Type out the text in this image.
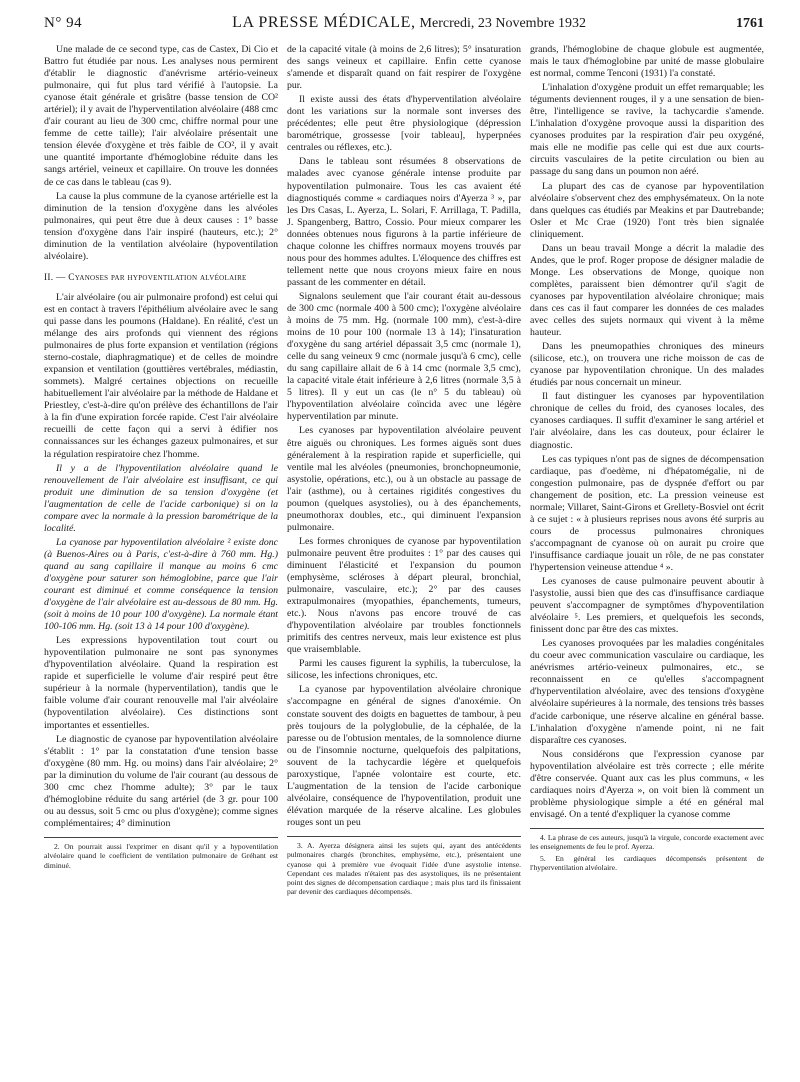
N° 94	LA PRESSE MÉDICALE, Mercredi, 23 Novembre 1932	1761

Une malade de ce second type, cas de Castex, Di Cio et Battro fut étudiée par nous. Les analyses nous permirent d'établir le diagnostic d'anévrisme artério-veineux pulmonaire, qui fut plus tard vérifié à l'autopsie. La cyanose était générale et grisâtre (basse tension de CO² artériel); il y avait de l'hyperventilation alvéolaire (488 cmc d'air courant au lieu de 300 cmc, chiffre normal pour une femme de cette taille); l'air alvéolaire présentait une tension élevée d'oxygène et très faible de CO², il y avait une quantité importante d'hémoglobine réduite dans les sangs artériel, veineux et capillaire. On trouve les données de ce cas dans le tableau (cas 9).

La cause la plus commune de la cyanose artérielle est la diminution de la tension d'oxygène dans les alvéoles pulmonaires, qui peut être due à deux causes : 1° basse tension d'oxygène dans l'air inspiré (hauteurs, etc.); 2° diminution de la ventilation alvéolaire (hypoventilation alvéolaire).

II. — Cyanoses par hypoventilation alvéolaire

L'air alvéolaire (ou air pulmonaire profond) est celui qui est en contact à travers l'épithélium alvéolaire avec le sang qui passe dans les poumons (Haldane). En réalité, c'est un mélange des airs profonds qui viennent des régions pulmonaires de plus forte expansion et ventilation (régions sterno-costale, diaphragmatique) et de celles de moindre expansion et ventilation (gouttières vertébrales, médiastin, sommets). Malgré certaines objections on recueille habituellement l'air alvéolaire par la méthode de Haldane et Priestley, c'est-à-dire qu'on prélève des échantillons de l'air à la fin d'une expiration forcée rapide. C'est l'air alvéolaire recueilli de cette façon qui a servi à édifier nos connaissances sur les échanges gazeux pulmonaires, et sur la régulation respiratoire chez l'homme.

Il y a de l'hypoventilation alvéolaire quand le renouvellement de l'air alvéolaire est insuffisant, ce qui produit une diminution de sa tension d'oxygène (et l'augmentation de celle de l'acide carbonique) si on la compare avec la normale à la pression barométrique de la localité.

La cyanose par hypoventilation alvéolaire ² existe donc (à Buenos-Aires ou à Paris, c'est-à-dire à 760 mm. Hg.) quand au sang capillaire il manque au moins 6 cmc d'oxygène pour saturer son hémoglobine, parce que l'air courant est diminué et comme conséquence la tension d'oxygène de l'air alvéolaire est au-dessous de 80 mm. Hg. (soit à moins de 10 pour 100 d'oxygène). La normale étant 100-106 mm. Hg. (soit 13 à 14 pour 100 d'oxygène).

Les expressions hypoventilation tout court ou hypoventilation pulmonaire ne sont pas synonymes d'hypoventilation alvéolaire. Quand la respiration est rapide et superficielle le volume d'air respiré peut être supérieur à la normale (hyperventilation), tandis que le faible volume d'air courant renouvelle mal l'air alvéolaire (hypoventilation alvéolaire). Ces distinctions sont importantes et essentielles.

Le diagnostic de cyanose par hypoventilation alvéolaire s'établit : 1° par la constatation d'une tension basse d'oxygène (80 mm. Hg. ou moins) dans l'air alvéolaire; 2° par la diminution du volume de l'air courant (au dessous de 300 cmc chez l'homme adulte); 3° par le taux d'hémoglobine réduite du sang artériel (de 3 gr. pour 100 ou au dessus, soit 5 cmc ou plus d'oxygène); comme signes complémentaires; 4° diminution

2. On pourrait aussi l'exprimer en disant qu'il y a hypoventilation alvéolaire quand le coefficient de ventilation pulmonaire de Gréhant est diminué.

de la capacité vitale (à moins de 2,6 litres); 5° insaturation des sangs veineux et capillaire. Enfin cette cyanose s'amende et disparaît quand on fait respirer de l'oxygène pur.

Il existe aussi des états d'hyperventilation alvéolaire dont les variations sur la normale sont inverses des précédentes; elle peut être physiologique (dépression barométrique, grossesse [voir tableau], hyperpnées centrales ou réflexes, etc.).

Dans le tableau sont résumées 8 observations de malades avec cyanose générale intense produite par hypoventilation pulmonaire. Tous les cas avaient été diagnostiqués comme « cardiaques noirs d'Ayerza ³ », par les Drs Casas, L. Ayerza, L. Solari, F. Arrillaga, T. Padilla, J. Spangenberg, Battro, Cossio. Pour mieux comparer les données obtenues nous figurons à la partie inférieure de chaque colonne les chiffres normaux moyens trouvés par nous pour des hommes adultes. L'éloquence des chiffres est tellement nette que nous croyons mieux faire en nous passant de les commenter en détail.

Signalons seulement que l'air courant était au-dessous de 300 cmc (normale 400 à 500 cmc); l'oxygène alvéolaire à moins de 75 mm. Hg. (normale 100 mm), c'est-à-dire moins de 10 pour 100 (normale 13 à 14); l'insaturation d'oxygène du sang artériel dépassait 3,5 cmc (normale 1), celle du sang veineux 9 cmc (normale jusqu'à 6 cmc), celle du sang capillaire allait de 6 à 14 cmc (normale 3,5 cmc), la capacité vitale était inférieure à 2,6 litres (normale 3,5 à 5 litres). Il y eut un cas (le n° 5 du tableau) où l'hypoventilation alvéolaire coïncida avec une légère hyperventilation par minute.

Les cyanoses par hypoventilation alvéolaire peuvent être aiguës ou chroniques. Les formes aiguës sont dues généralement à la respiration rapide et superficielle, qui ventile mal les alvéoles (pneumonies, bronchopneumonie, asystolie, opérations, etc.), ou à un obstacle au passage de l'air (asthme), ou à certaines rigidités congestives du poumon (quelques asystolies), ou à des épanchements, pneumothorax doubles, etc., qui diminuent l'expansion pulmonaire.

Les formes chroniques de cyanose par hypoventilation pulmonaire peuvent être produites : 1° par des causes qui diminuent l'élasticité et l'expansion du poumon (emphysème, scléroses à départ pleural, bronchial, pulmonaire, vasculaire, etc.); 2° par des causes extrapulmonaires (myopathies, épanchements, tumeurs, etc.). Nous n'avons pas encore trouvé de cas d'hypoventilation alvéolaire par troubles fonctionnels primitifs des centres nerveux, mais leur existence est plus que vraisemblable.

Parmi les causes figurent la syphilis, la tuberculose, la silicose, les infections chroniques, etc.

La cyanose par hypoventilation alvéolaire chronique s'accompagne en général de signes d'anoxémie. On constate souvent des doigts en baguettes de tambour, à peu près toujours de la polyglobulie, de la céphalée, de la paresse ou de l'obtusion mentales, de la somnolence diurne ou de l'insomnie nocturne, quelquefois des palpitations, souvent de la tachycardie légère et quelquefois paroxystique, l'apnée volontaire est courte, etc. L'augmentation de la tension de l'acide carbonique alvéolaire, conséquence de l'hypoventilation, produit une élévation marquée de la réserve alcaline. Les globules rouges sont un peu

3. A. Ayerza désignera ainsi les sujets qui, ayant des antécédents pulmonaires chargés (bronchites, emphysème, etc.), présentaient une cyanose qui à première vue évoquait l'idée d'une asystolie intense. Cependant ces malades n'étaient pas des asystoliques, ils ne présentaient point des signes de décompensation cardiaque ; mais plus tard ils finissaient par devenir des cardiaques décompensés.

grands, l'hémoglobine de chaque globule est augmentée, mais le taux d'hémoglobine par unité de masse globulaire est normal, comme Tenconi (1931) l'a constaté.

L'inhalation d'oxygène produit un effet remarquable; les téguments deviennent rouges, il y a une sensation de bien-être, l'intelligence se ravive, la tachycardie s'amende. L'inhalation d'oxygène provoque aussi la disparition des cyanoses produites par la respiration d'air peu oxygéné, mais elle ne modifie pas celle qui est due aux courts-circuits vasculaires de la petite circulation ou bien au passage du sang dans un poumon non aéré.

La plupart des cas de cyanose par hypoventilation alvéolaire s'observent chez des emphysémateux. On la note dans quelques cas étudiés par Meakins et par Dautrebande; Osler et Mc Crae (1920) l'ont très bien signalée cliniquement.

Dans un beau travail Monge a décrit la maladie des Andes, que le prof. Roger propose de désigner maladie de Monge. Les observations de Monge, quoique non complètes, paraissent bien démontrer qu'il s'agit de cyanoses par hypoventilation alvéolaire chronique; mais dans ces cas il faut comparer les données de ces malades avec celles des sujets normaux qui vivent à la même hauteur.

Dans les pneumopathies chroniques des mineurs (silicose, etc.), on trouvera une riche moisson de cas de cyanose par hypoventilation chronique. Un des malades étudiés par nous concernait un mineur.

Il faut distinguer les cyanoses par hypoventilation chronique de celles du froid, des cyanoses locales, des cyanoses cardiaques. Il suffit d'examiner le sang artériel et l'air alvéolaire, dans les cas douteux, pour éclairer le diagnostic.

Les cas typiques n'ont pas de signes de décompensation cardiaque, pas d'oedème, ni d'hépatomégalie, ni de congestion pulmonaire, pas de dyspnée d'effort ou par changement de position, etc. La pression veineuse est normale; Villaret, Saint-Girons et Grellety-Bosviel ont écrit à ce sujet : « à plusieurs reprises nous avons été surpris au cours de processus pulmonaires chroniques s'accompagnant de cyanose où on aurait pu croire que l'insuffisance cardiaque jouait un rôle, de ne pas constater l'hypertension veineuse attendue ⁴ ».

Les cyanoses de cause pulmonaire peuvent aboutir à l'asystolie, aussi bien que des cas d'insuffisance cardiaque peuvent s'accompagner de symptômes d'hypoventilation alvéolaire ⁵. Les premiers, et quelquefois les seconds, finissent donc par être des cas mixtes.

Les cyanoses provoquées par les maladies congénitales du coeur avec communication vasculaire ou cardiaque, les anévrismes artério-veineux pulmonaires, etc., se reconnaissent en ce qu'elles s'accompagnent d'hyperventilation alvéolaire, avec des tensions d'oxygène alvéolaire supérieures à la normale, des tensions très basses d'acide carbonique, une réserve alcaline en général basse. L'inhalation d'oxygène n'amende point, ni ne fait disparaître ces cyanoses.

Nous considérons que l'expression cyanose par hypoventilation alvéolaire est très correcte ; elle mérite d'être conservée. Quant aux cas les plus communs, « les cardiaques noirs d'Ayerza », on voit bien là comment un problème physiologique simple a été en général mal envisagé. On a tenté d'expliquer la cyanose comme

4. La phrase de ces auteurs, jusqu'à la virgule, concorde exactement avec les enseignements de feu le prof. Ayerza.

5. En général les cardiaques décompensés présentent de l'hyperventilation alvéolaire.
